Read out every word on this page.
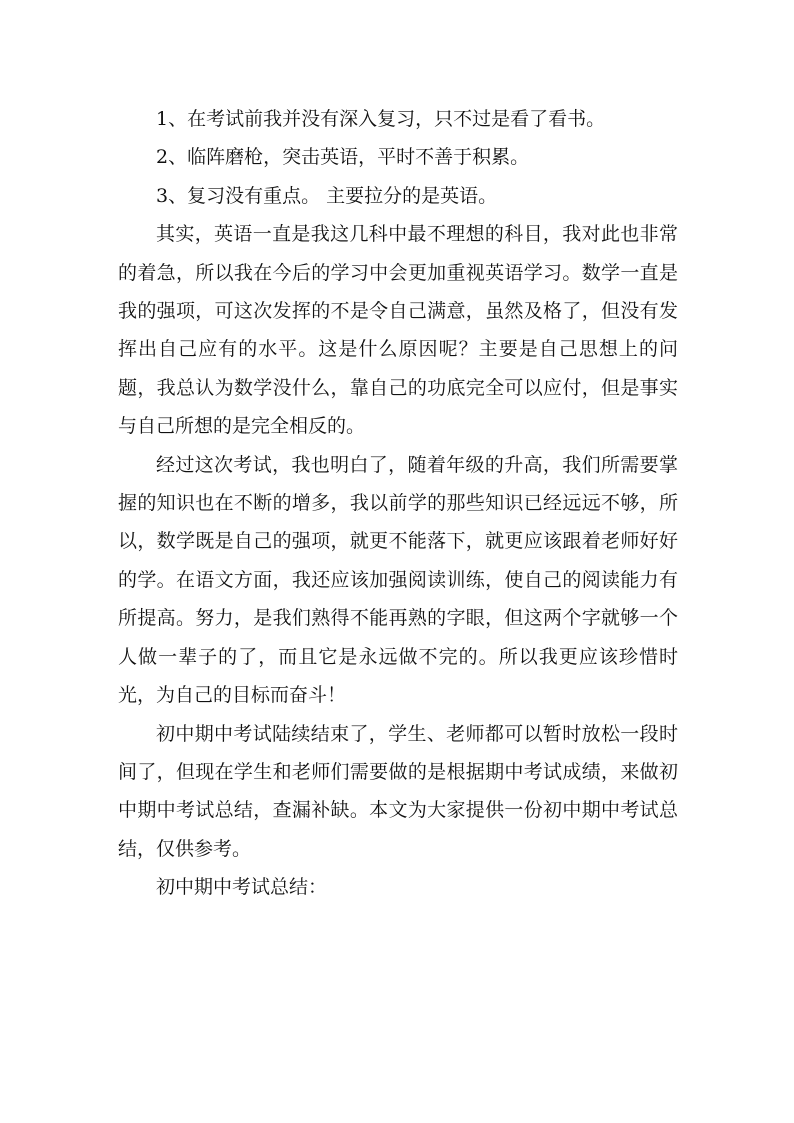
1、在考试前我并没有深入复习，只不过是看了看书。

2、临阵磨枪，突击英语，平时不善于积累。

3、复习没有重点。 主要拉分的是英语。

其实，英语一直是我这几科中最不理想的科目，我对此也非常的着急，所以我在今后的学习中会更加重视英语学习。数学一直是我的强项，可这次发挥的不是令自己满意，虽然及格了，但没有发挥出自己应有的水平。这是什么原因呢？主要是自己思想上的问题，我总认为数学没什么，靠自己的功底完全可以应付，但是事实与自己所想的是完全相反的。

经过这次考试，我也明白了，随着年级的升高，我们所需要掌握的知识也在不断的增多，我以前学的那些知识已经远远不够，所以，数学既是自己的强项，就更不能落下，就更应该跟着老师好好的学。在语文方面，我还应该加强阅读训练，使自己的阅读能力有所提高。努力，是我们熟得不能再熟的字眼，但这两个字就够一个人做一辈子的了，而且它是永远做不完的。所以我更应该珍惜时光，为自己的目标而奋斗！

初中期中考试陆续结束了，学生、老师都可以暂时放松一段时间了，但现在学生和老师们需要做的是根据期中考试成绩，来做初中期中考试总结，查漏补缺。本文为大家提供一份初中期中考试总结，仅供参考。

初中期中考试总结：
